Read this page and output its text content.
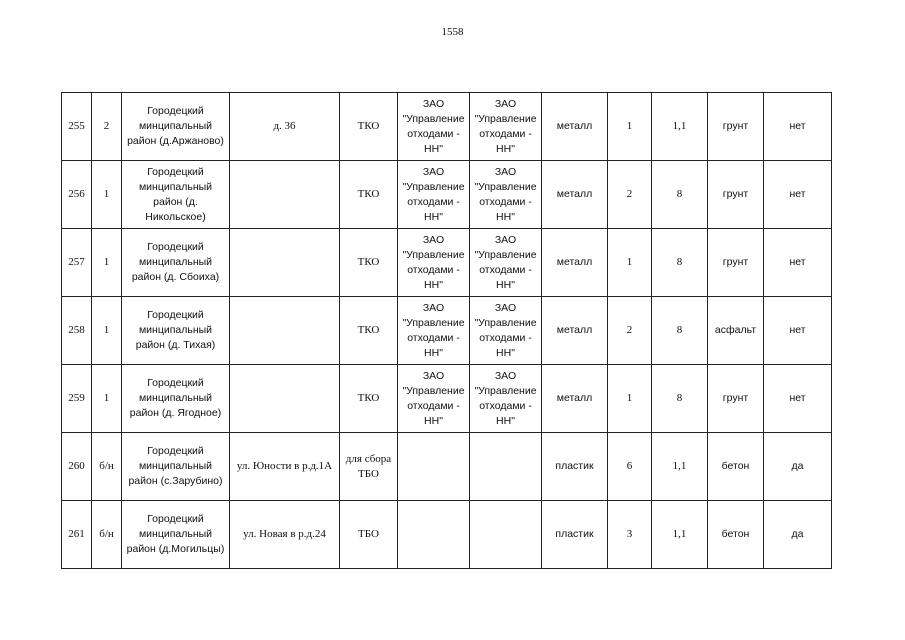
1558
255	2	Городецкий минципальный район (д.Аржаново)	д. 36	ТКО	ЗАО "Управление отходами - НН"	ЗАО "Управление отходами - НН"	металл	1	1,1	грунт	нет
256	1	Городецкий минципальный район (д. Никольское)		ТКО	ЗАО "Управление отходами - НН"	ЗАО "Управление отходами - НН"	металл	2	8	грунт	нет
257	1	Городецкий минципальный район (д. Сбоиха)		ТКО	ЗАО "Управление отходами - НН"	ЗАО "Управление отходами - НН"	металл	1	8	грунт	нет
258	1	Городецкий минципальный район (д. Тихая)		ТКО	ЗАО "Управление отходами - НН"	ЗАО "Управление отходами - НН"	металл	2	8	асфальт	нет
259	1	Городецкий минципальный район (д. Ягодное)		ТКО	ЗАО "Управление отходами - НН"	ЗАО "Управление отходами - НН"	металл	1	8	грунт	нет
260	б/н	Городецкий минципальный район (с.Зарубино)	ул. Юности в р.д.1А	для сбора ТБО			пластик	6	1,1	бетон	да
261	б/н	Городецкий минципальный район (д.Могильцы)	ул. Новая в р.д.24	ТБО			пластик	3	1,1	бетон	да
